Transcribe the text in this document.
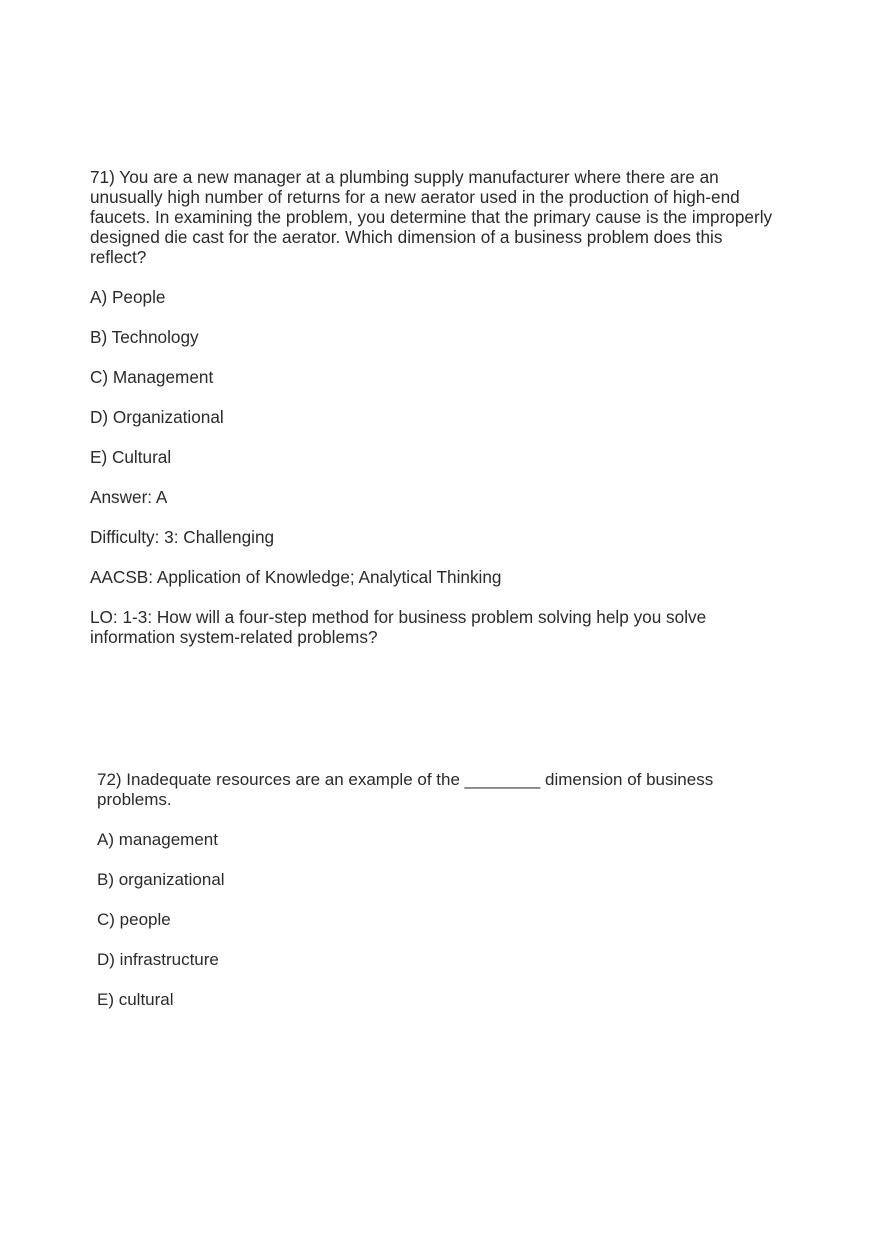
71) You are a new manager at a plumbing supply manufacturer where there are an

unusually high number of returns for a new aerator used in the production of high-end

faucets. In examining the problem, you determine that the primary cause is the improperly

designed die cast for the aerator. Which dimension of a business problem does this

reflect?

A) People

B) Technology

C) Management

D) Organizational

E) Cultural

Answer: A

Difficulty: 3: Challenging

AACSB: Application of Knowledge; Analytical Thinking

LO: 1-3: How will a four-step method for business problem solving help you solve

information system-related problems?

72) Inadequate resources are an example of the ________ dimension of business

problems.

A) management

B) organizational

C) people

D) infrastructure

E) cultural
